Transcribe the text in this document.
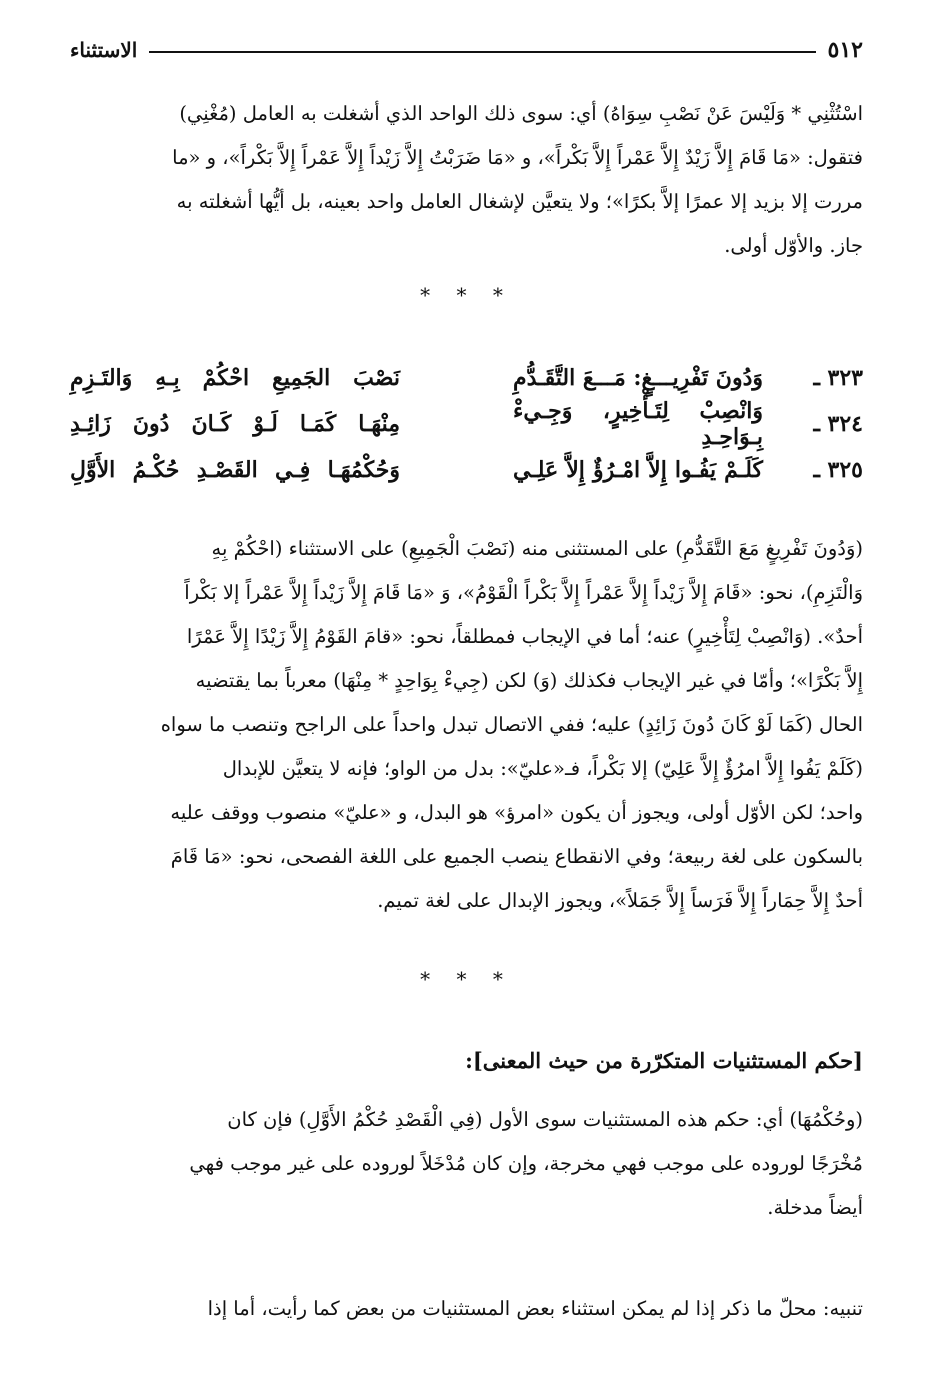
٥١٢
الاستثناء
اسْتُثْنِي * وَلَيْسَ عَنْ نَصْبِ سِوَاهُ) أي: سوى ذلك الواحد الذي أشغلت به العامل (مُغْنِي)
فتقول: «مَا قَامَ إِلاَّ زَيْدٌ إِلاَّ عَمْراً إِلاَّ بَكْراً»، و «مَا ضَرَبْتُ إِلاَّ زَيْداً إِلاَّ عَمْراً إِلاَّ بَكْراً»، و «ما
مررت إلا بزيد إلا عمرًا إلاَّ بكرًا»؛ ولا يتعيَّن لإشغال العامل واحد بعينه، بل أيُّها أشغلته به
جاز. والأوّل أولى.
* * *
٣٢٣ ـ
وَدُونَ تَفْرِيـــغٍ: مَـــعَ التَّقَـدُّمِ
نَصْبَ الجَمِيعِ احْكُمْ بِـهِ وَالتَـزِمِ
٣٢٤ ـ
وَانْصِبْ لِتَـأْخِيرٍ، وَجِـيءْ بِـوَاحِـدِ
مِنْهَـا كَمَـا لَـوْ كَـانَ دُونَ زَائِـدِ
٣٢٥ ـ
كَلَـمْ يَفُـوا إِلاَّ امْـرُؤٌ إِلاَّ عَلِـي
وَحُكْمُهَـا فِـي القَصْـدِ حُكْـمُ الأَوَّلِ
(وَدُونَ تَفْرِيغٍ مَعَ التَّقَدُّمِ) على المستثنى منه (نَصْبَ الْجَمِيعِ) على الاستثناء (احْكُمْ بِهِ
وَالْتَزِمِ)، نحو: «قَامَ إِلاَّ زَيْداً إِلاَّ عَمْراً إِلاَّ بَكْراً الْقَوْمُ»، وَ «مَا قَامَ إِلاَّ زَيْداً إِلاَّ عَمْراً إلا بَكْراً
أحدٌ». (وَانْصِبْ لِتَأْخِيرٍ) عنه؛ أما في الإيجاب فمطلقاً، نحو: «قامَ القَوْمُ إِلاَّ زَيْدًا إِلاَّ عَمْرًا
إِلاَّ بَكْرًا»؛ وأمّا في غير الإيجاب فكذلك (وَ) لكن (جِيءْ بِوَاحِدٍ * مِنْهَا) معرباً بما يقتضيه
الحال (كَمَا لَوْ كَانَ دُونَ زَائِدٍ) عليه؛ ففي الاتصال تبدل واحداً على الراجح وتنصب ما سواه
(كَلَمْ يَفُوا إِلاَّ امرُؤٌ إِلاَّ عَلِيّ) إلا بَكْراً، فـ«عليّ»: بدل من الواو؛ فإنه لا يتعيَّن للإبدال
واحد؛ لكن الأوّل أولى، ويجوز أن يكون «امرؤ» هو البدل، و «عليّ» منصوب ووقف عليه
بالسكون على لغة ربيعة؛ وفي الانقطاع ينصب الجميع على اللغة الفصحى، نحو: «مَا قَامَ
أحدٌ إِلاَّ حِمَاراً إِلاَّ فَرَساً إِلاَّ جَمَلاً»، ويجوز الإبدال على لغة تميم.
* * *
[حكم المستثنيات المتكرّرة من حيث المعنى]:
(وحُكْمُهَا) أي: حكم هذه المستثنيات سوى الأول (فِي الْقَصْدِ حُكْمُ الأَوَّلِ) فإن كان
مُخْرَجًا لوروده على موجب فهي مخرجة، وإن كان مُدْخَلاً لوروده على غير موجب فهي
أيضاً مدخلة.
تنبيه: محلّ ما ذكر إذا لم يمكن استثناء بعض المستثنيات من بعض كما رأيت، أما إذا
